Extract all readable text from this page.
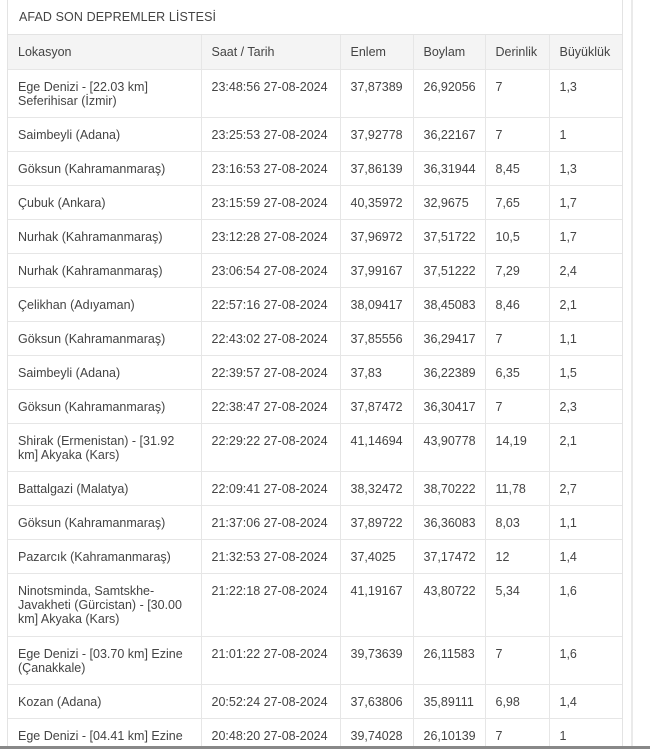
AFAD SON DEPREMLER LİSTESİ
Lokasyon	Saat / Tarih	Enlem	Boylam	Derinlik	Büyüklük
Ege Denizi - [22.03 km] Seferihisar (İzmir)	23:48:56 27-08-2024	37,87389	26,92056	7	1,3
Saimbeyli (Adana)	23:25:53 27-08-2024	37,92778	36,22167	7	1
Göksun (Kahramanmaraş)	23:16:53 27-08-2024	37,86139	36,31944	8,45	1,3
Çubuk (Ankara)	23:15:59 27-08-2024	40,35972	32,9675	7,65	1,7
Nurhak (Kahramanmaraş)	23:12:28 27-08-2024	37,96972	37,51722	10,5	1,7
Nurhak (Kahramanmaraş)	23:06:54 27-08-2024	37,99167	37,51222	7,29	2,4
Çelikhan (Adıyaman)	22:57:16 27-08-2024	38,09417	38,45083	8,46	2,1
Göksun (Kahramanmaraş)	22:43:02 27-08-2024	37,85556	36,29417	7	1,1
Saimbeyli (Adana)	22:39:57 27-08-2024	37,83	36,22389	6,35	1,5
Göksun (Kahramanmaraş)	22:38:47 27-08-2024	37,87472	36,30417	7	2,3
Shirak (Ermenistan) - [31.92 km] Akyaka (Kars)	22:29:22 27-08-2024	41,14694	43,90778	14,19	2,1
Battalgazi (Malatya)	22:09:41 27-08-2024	38,32472	38,70222	11,78	2,7
Göksun (Kahramanmaraş)	21:37:06 27-08-2024	37,89722	36,36083	8,03	1,1
Pazarcık (Kahramanmaraş)	21:32:53 27-08-2024	37,4025	37,17472	12	1,4
Ninotsminda, Samtskhe-Javakheti (Gürcistan) - [30.00 km] Akyaka (Kars)	21:22:18 27-08-2024	41,19167	43,80722	5,34	1,6
Ege Denizi - [03.70 km] Ezine (Çanakkale)	21:01:22 27-08-2024	39,73639	26,11583	7	1,6
Kozan (Adana)	20:52:24 27-08-2024	37,63806	35,89111	6,98	1,4
Ege Denizi - [04.41 km] Ezine	20:48:20 27-08-2024	39,74028	26,10139	7	1
